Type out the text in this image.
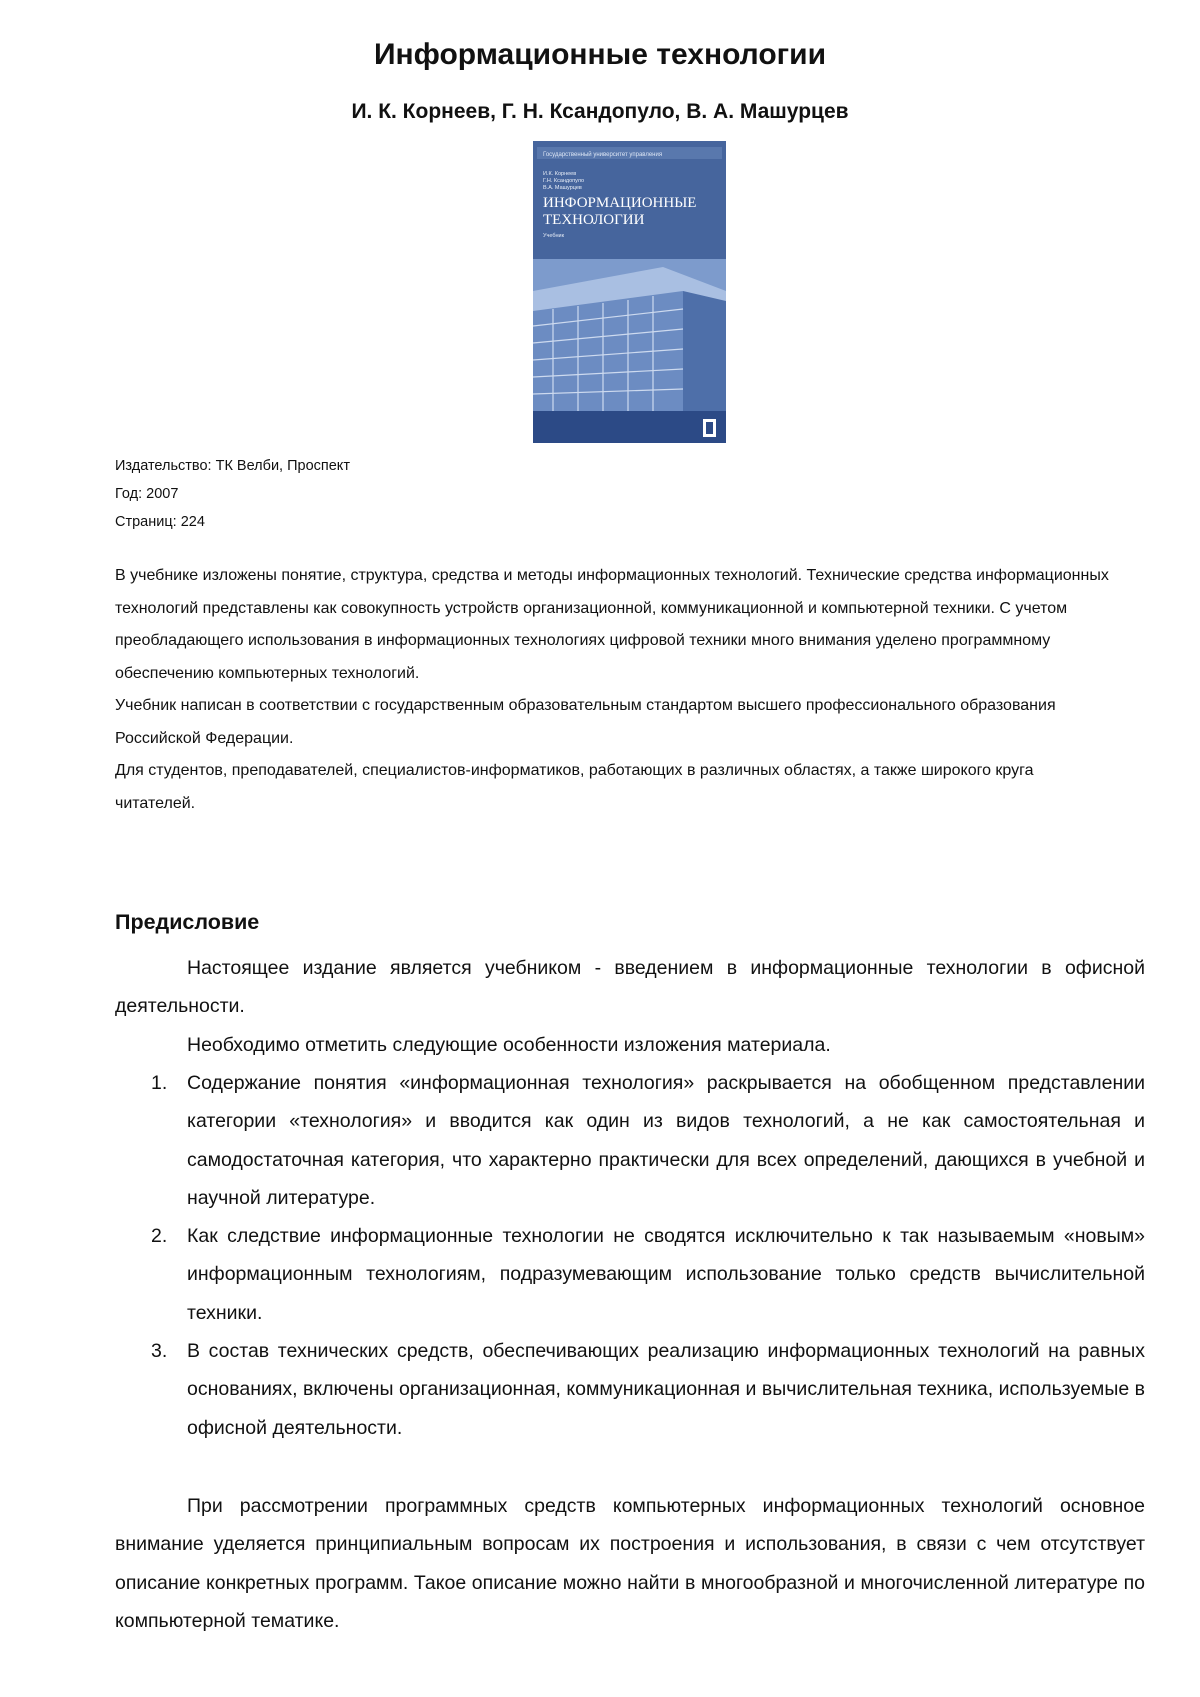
Информационные технологии
И. К. Корнеев, Г. Н. Ксандопуло, В. А. Машурцев
Государственный университет управления
И.К. Корнеев
Г.Н. Ксандопуло
В.А. Машурцев
ИНФОРМАЦИОННЫЕ
ТЕХНОЛОГИИ
Учебник
Издательство: ТК Велби, Проспект
Год: 2007
Страниц: 224

В учебнике изложены понятие, структура, средства и методы информационных технологий. Технические средства информационных технологий представлены как совокупность устройств организационной, коммуникационной и компьютерной техники. С учетом преобладающего использования в информационных технологиях цифровой техники много внимания уделено программному обеспечению компьютерных технологий.

Учебник написан в соответствии с государственным образовательным стандартом высшего профессионального образования Российской Федерации.

Для студентов, преподавателей, специалистов-информатиков, работающих в различных областях, а также широкого круга читателей.

Предисловие

Настоящее издание является учебником - введением в информационные технологии в офисной деятельности.

Необходимо отметить следующие особенности изложения материала.

1. Содержание понятия «информационная технология» раскрывается на обобщенном представлении категории «технология» и вводится как один из видов технологий, а не как самостоятельная и самодостаточная категория, что характерно практически для всех определений, дающихся в учебной и научной литературе.
2. Как следствие информационные технологии не сводятся исключительно к так называемым «новым» информационным технологиям, подразумевающим использование только средств вычислительной техники.
3. В состав технических средств, обеспечивающих реализацию информационных технологий на равных основаниях, включены организационная, коммуникационная и вычислительная техника, используемые в офисной деятельности.

При рассмотрении программных средств компьютерных информационных технологий основное внимание уделяется принципиальным вопросам их построения и использования, в связи с чем отсутствует описание конкретных программ. Такое описание можно найти в многообразной и многочисленной литературе по компьютерной тематике.
